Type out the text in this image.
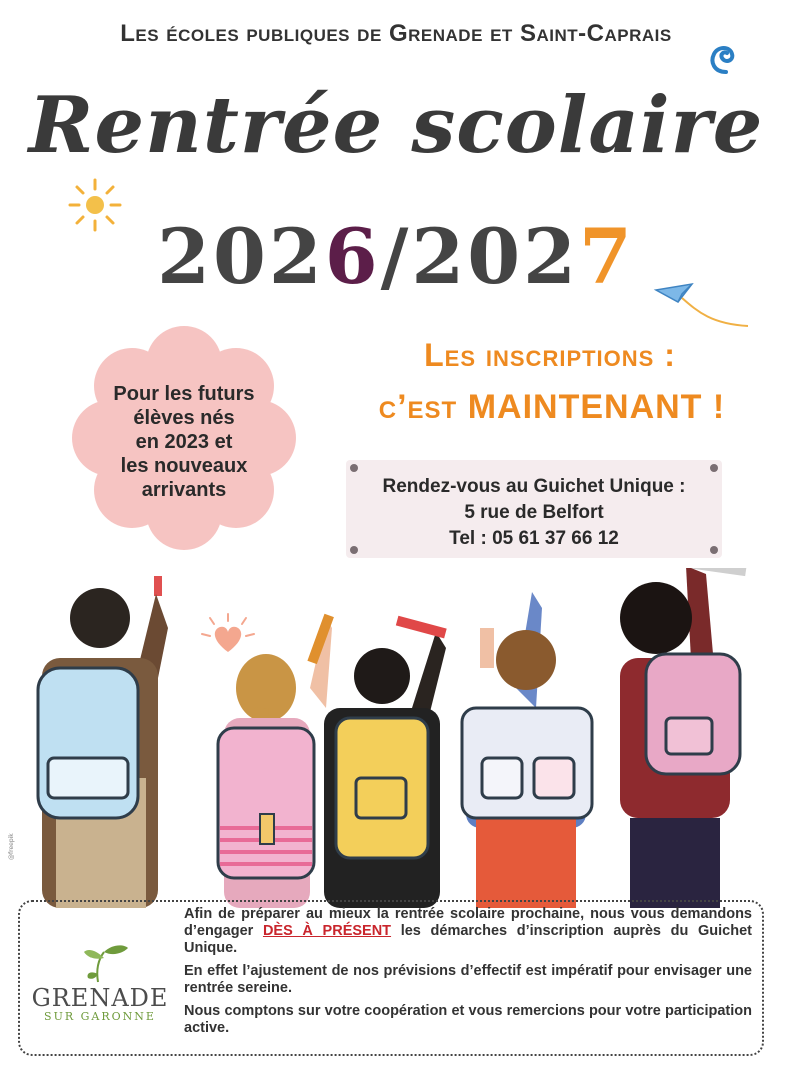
Les écoles publiques de Grenade et Saint-Caprais
Rentrée scolaire
2026/2027
Pour les futurs
élèves nés
en 2023 et
les nouveaux
arrivants
Les inscriptions :
c’est MAINTENANT !
Rendez-vous au Guichet Unique :
5 rue de Belfort
Tel : 05 61 37 66 12
@freepik
GRENADE
SUR GARONNE

Afin de préparer au mieux la rentrée scolaire prochaine, nous vous demandons d’engager DÈS À PRÉSENT les démarches d’inscription auprès du Guichet Unique.

En effet l’ajustement de nos prévisions d’effectif est impératif pour envisager une rentrée sereine.

Nous comptons sur votre coopération et vous remercions pour votre participation active.
